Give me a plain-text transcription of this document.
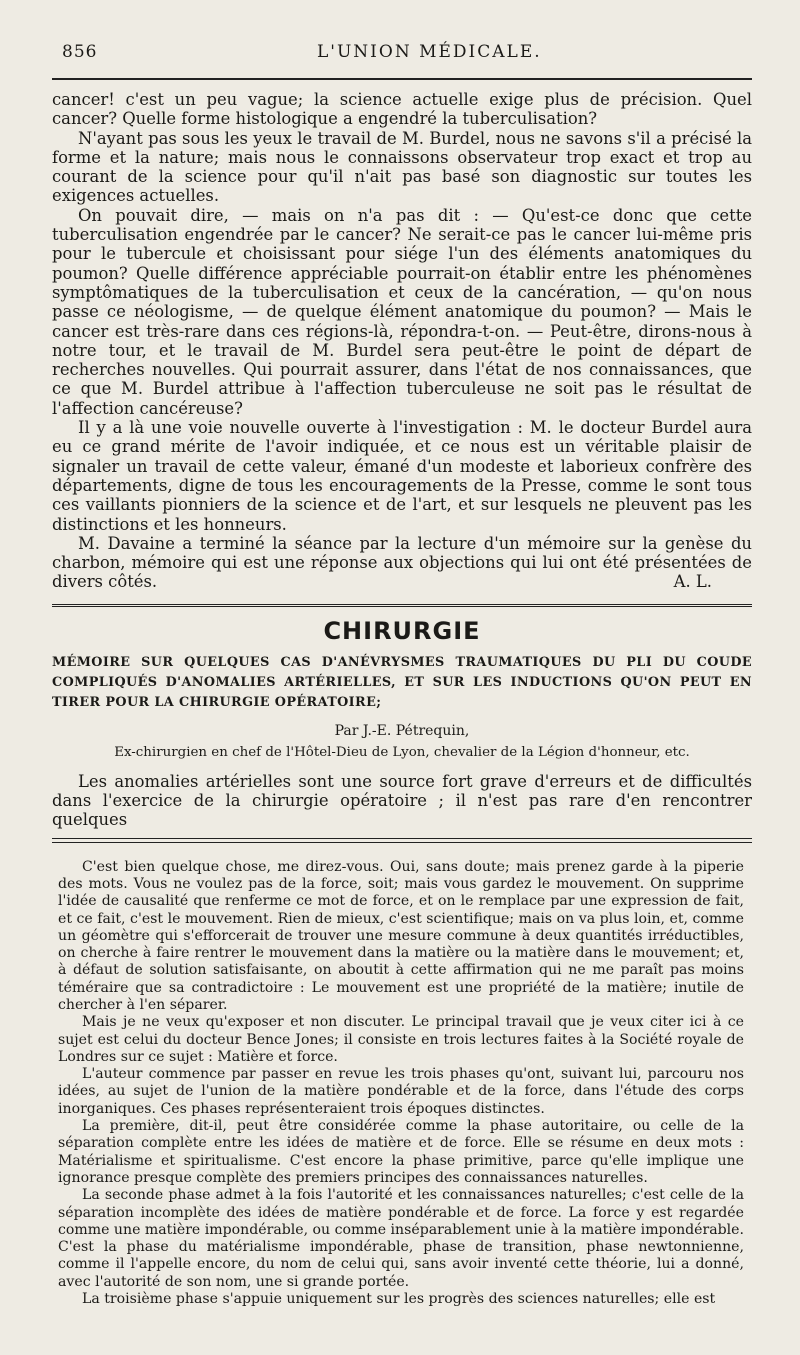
856	L'UNION MÉDICALE.

cancer! c'est un peu vague; la science actuelle exige plus de précision. Quel cancer? Quelle forme histologique a engendré la tuberculisation?

N'ayant pas sous les yeux le travail de M. Burdel, nous ne savons s'il a précisé la forme et la nature; mais nous le connaissons observateur trop exact et trop au courant de la science pour qu'il n'ait pas basé son diagnostic sur toutes les exigences actuelles.

On pouvait dire, — mais on n'a pas dit : — Qu'est-ce donc que cette tuberculisation engendrée par le cancer? Ne serait-ce pas le cancer lui-même pris pour le tubercule et choisissant pour siége l'un des éléments anatomiques du poumon? Quelle différence appréciable pourrait-on établir entre les phénomènes symptômatiques de la tuberculisation et ceux de la cancération, — qu'on nous passe ce néologisme, — de quelque élément anatomique du poumon? — Mais le cancer est très-rare dans ces régions-là, répondra-t-on. — Peut-être, dirons-nous à notre tour, et le travail de M. Burdel sera peut-être le point de départ de recherches nouvelles. Qui pourrait assurer, dans l'état de nos connaissances, que ce que M. Burdel attribue à l'affection tuberculeuse ne soit pas le résultat de l'affection cancéreuse?

Il y a là une voie nouvelle ouverte à l'investigation : M. le docteur Burdel aura eu ce grand mérite de l'avoir indiquée, et ce nous est un véritable plaisir de signaler un travail de cette valeur, émané d'un modeste et laborieux confrère des départements, digne de tous les encouragements de la Presse, comme le sont tous ces vaillants pionniers de la science et de l'art, et sur lesquels ne pleuvent pas les distinctions et les honneurs.

M. Davaine a terminé la séance par la lecture d'un mémoire sur la genèse du charbon, mémoire qui est une réponse aux objections qui lui ont été présentées de divers côtés.	A. L.

CHIRURGIE
MÉMOIRE SUR QUELQUES CAS D'ANÉVRYSMES TRAUMATIQUES DU PLI DU COUDE COMPLIQUÉS D'ANOMALIES ARTÉRIELLES, ET SUR LES INDUCTIONS QU'ON PEUT EN TIRER POUR LA CHIRURGIE OPÉRATOIRE;
Par J.-E. Pétrequin,
Ex-chirurgien en chef de l'Hôtel-Dieu de Lyon, chevalier de la Légion d'honneur, etc.

Les anomalies artérielles sont une source fort grave d'erreurs et de difficultés dans l'exercice de la chirurgie opératoire ; il n'est pas rare d'en rencontrer quelques

C'est bien quelque chose, me direz-vous. Oui, sans doute; mais prenez garde à la piperie des mots. Vous ne voulez pas de la force, soit; mais vous gardez le mouvement. On supprime l'idée de causalité que renferme ce mot de force, et on le remplace par une expression de fait, et ce fait, c'est le mouvement. Rien de mieux, c'est scientifique; mais on va plus loin, et, comme un géomètre qui s'efforcerait de trouver une mesure commune à deux quantités irréductibles, on cherche à faire rentrer le mouvement dans la matière ou la matière dans le mouvement; et, à défaut de solution satisfaisante, on aboutit à cette affirmation qui ne me paraît pas moins téméraire que sa contradictoire : Le mouvement est une propriété de la matière; inutile de chercher à l'en séparer.

Mais je ne veux qu'exposer et non discuter. Le principal travail que je veux citer ici à ce sujet est celui du docteur Bence Jones; il consiste en trois lectures faites à la Société royale de Londres sur ce sujet : Matière et force.

L'auteur commence par passer en revue les trois phases qu'ont, suivant lui, parcouru nos idées, au sujet de l'union de la matière pondérable et de la force, dans l'étude des corps inorganiques. Ces phases représenteraient trois époques distinctes.

La première, dit-il, peut être considérée comme la phase autoritaire, ou celle de la séparation complète entre les idées de matière et de force. Elle se résume en deux mots : Matérialisme et spiritualisme. C'est encore la phase primitive, parce qu'elle implique une ignorance presque complète des premiers principes des connaissances naturelles.

La seconde phase admet à la fois l'autorité et les connaissances naturelles; c'est celle de la séparation incomplète des idées de matière pondérable et de force. La force y est regardée comme une matière impondérable, ou comme inséparablement unie à la matière impondérable. C'est la phase du matérialisme impondérable, phase de transition, phase newtonnienne, comme il l'appelle encore, du nom de celui qui, sans avoir inventé cette théorie, lui a donné, avec l'autorité de son nom, une si grande portée.

La troisième phase s'appuie uniquement sur les progrès des sciences naturelles; elle est
